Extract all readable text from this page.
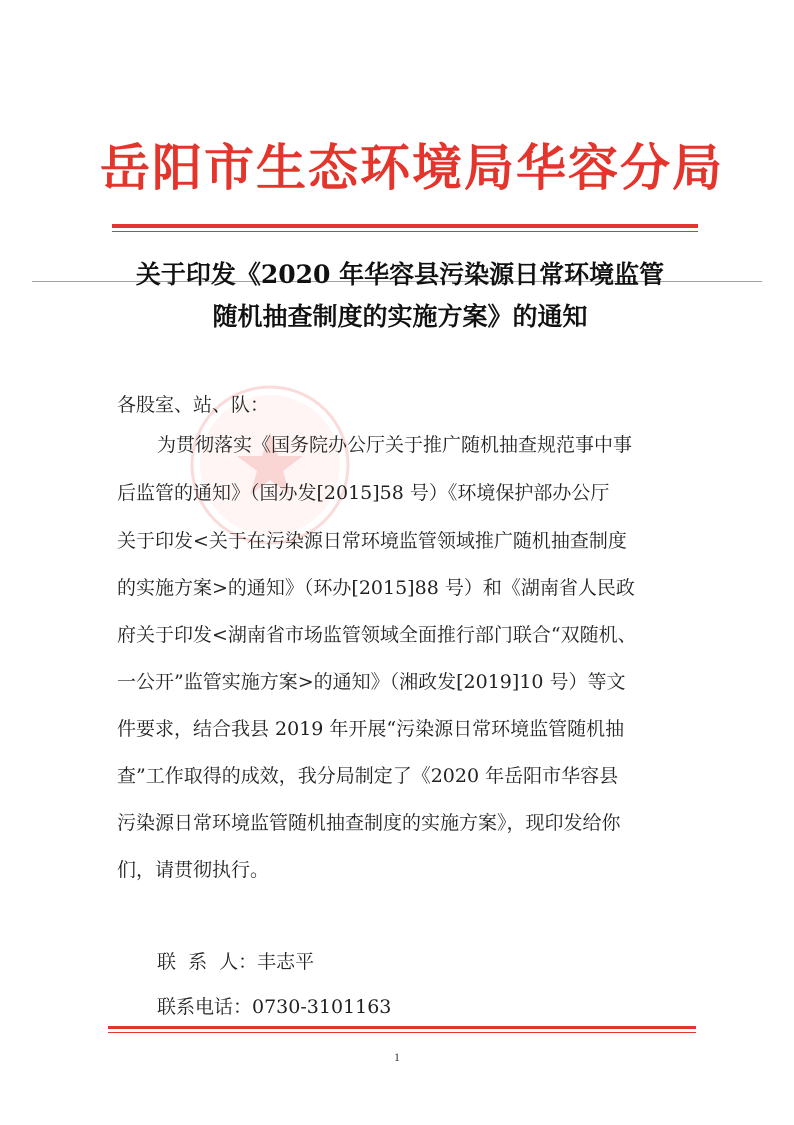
岳阳市生态环境局华容分局
关于印发《2020 年华容县污染源日常环境监管
随机抽查制度的实施方案》的通知
各股室、站、队：
为贯彻落实《国务院办公厅关于推广随机抽查规范事中事
后监管的通知》（国办发[2015]58 号）《环境保护部办公厅
关于印发<关于在污染源日常环境监管领域推广随机抽查制度
的实施方案>的通知》（环办[2015]88 号）和《湖南省人民政
府关于印发<湖南省市场监管领域全面推行部门联合“双随机、
一公开”监管实施方案>的通知》（湘政发[2019]10 号）等文
件要求，结合我县 2019 年开展“污染源日常环境监管随机抽
查”工作取得的成效，我分局制定了《2020 年岳阳市华容县
污染源日常环境监管随机抽查制度的实施方案》，现印发给你
们，请贯彻执行。
联  系  人：丰志平
联系电话：0730-3101163
1
